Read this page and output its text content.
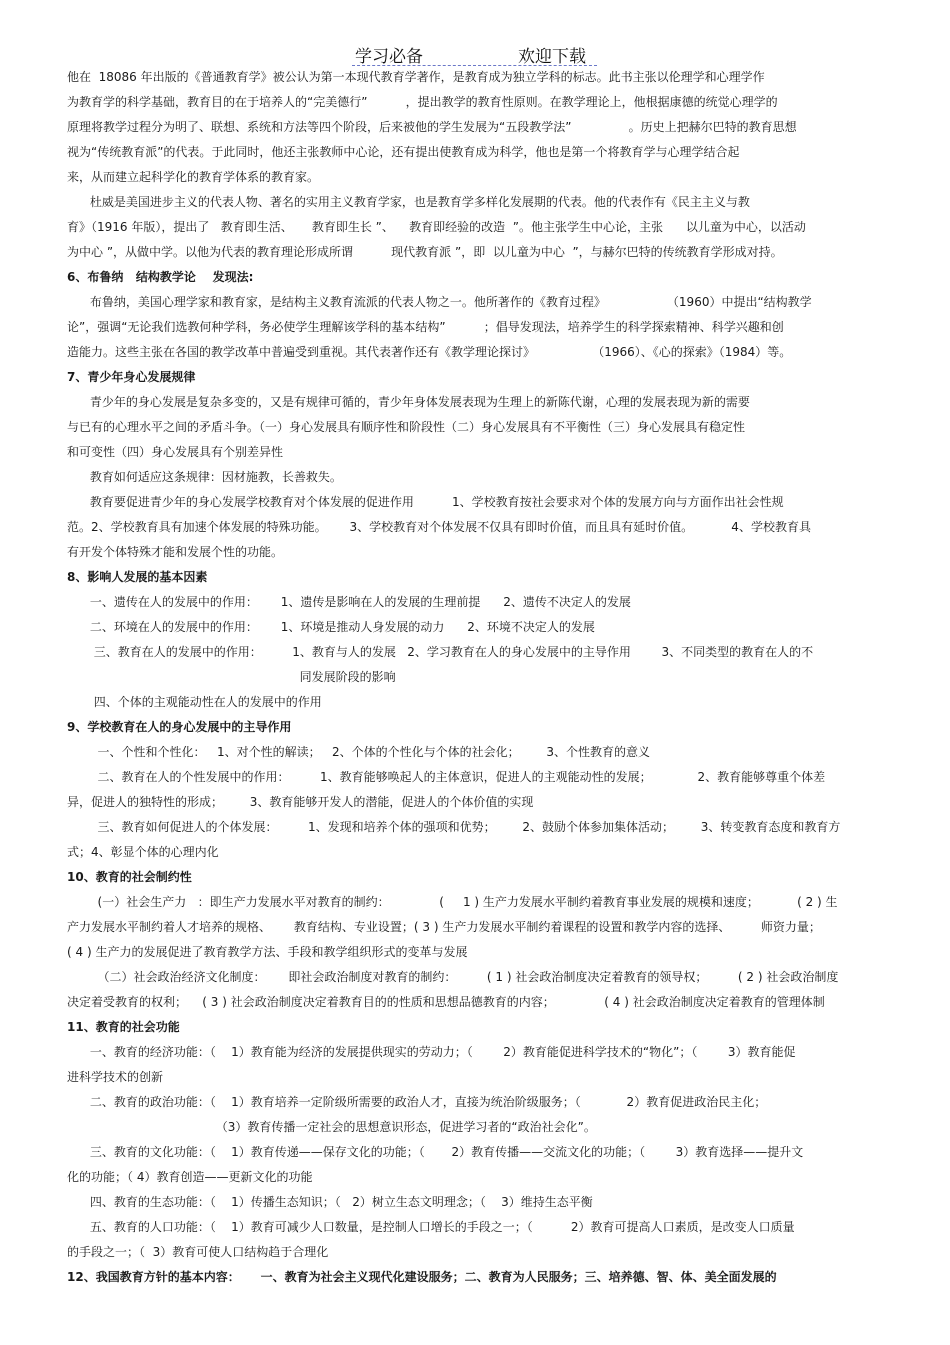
学习必备	欢迎下载
他在  18086 年出版的《普通教育学》被公认为第一本现代教育学著作，是教育成为独立学科的标志。此书主张以伦理学和心理学作
为教育学的科学基础，教育目的在于培养人的“完美德行”          ，提出教学的教育性原则。在教学理论上，他根据康德的统觉心理学的
原理将教学过程分为明了、联想、系统和方法等四个阶段，后来被他的学生发展为“五段教学法”               。历史上把赫尔巴特的教育思想
视为“传统教育派”的代表。于此同时，他还主张教师中心论，还有提出使教育成为科学，他也是第一个将教育学与心理学结合起
来，从而建立起科学化的教育学体系的教育家。
杜威是美国进步主义的代表人物、著名的实用主义教育学家，也是教育学多样化发展期的代表。他的代表作有《民主主义与教
育》（1916 年版），提出了   教育即生活、     教育即生长 ”、    教育即经验的改造  ”。他主张学生中心论，主张      以儿童为中心，以活动
为中心 ”，从做中学。以他为代表的教育理论形成所谓          现代教育派 ”，即  以儿童为中心  ”，与赫尔巴特的传统教育学形成对持。
6、布鲁纳   结构教学论    发现法:
布鲁纳，美国心理学家和教育家，是结构主义教育流派的代表人物之一。他所著作的《教育过程》                （1960）中提出“结构教学
论”，强调“无论我们选教何种学科，务必使学生理解该学科的基本结构”          ；倡导发现法，培养学生的科学探索精神、科学兴趣和创
造能力。这些主张在各国的教学改革中普遍受到重视。其代表著作还有《教学理论探讨》               （1966）、《心的探索》（1984）等。
7、青少年身心发展规律
青少年的身心发展是复杂多变的，又是有规律可循的，青少年身体发展表现为生理上的新陈代谢，心理的发展表现为新的需要
与已有的心理水平之间的矛盾斗争。（一）身心发展具有顺序性和阶段性（二）身心发展具有不平衡性（三）身心发展具有稳定性
和可变性（四）身心发展具有个别差异性
教育如何适应这条规律：因材施教，长善救失。
教育要促进青少年的身心发展学校教育对个体发展的促进作用          1、学校教育按社会要求对个体的发展方向与方面作出社会性规
范。2、学校教育具有加速个体发展的特殊功能。      3、学校教育对个体发展不仅具有即时价值，而且具有延时价值。          4、学校教育具
有开发个体特殊才能和发展个性的功能。
8、影响人发展的基本因素
一、遗传在人的发展中的作用：      1、遗传是影响在人的发展的生理前提      2、遗传不决定人的发展
二、环境在人的发展中的作用：      1、环境是推动人身发展的动力      2、环境不决定人的发展
三、教育在人的发展中的作用：        1、教育与人的发展   2、学习教育在人的身心发展中的主导作用        3、不同类型的教育在人的不
同发展阶段的影响
四、个体的主观能动性在人的发展中的作用
9、学校教育在人的身心发展中的主导作用
一、个性和个性化：   1、对个性的解读；   2、个体的个性化与个体的社会化；       3、个性教育的意义
二、教育在人的个性发展中的作用：        1、教育能够唤起人的主体意识，促进人的主观能动性的发展；            2、教育能够尊重个体差
异，促进人的独特性的形成；       3、教育能够开发人的潜能，促进人的个体价值的实现
三、教育如何促进人的个体发展：        1、发现和培养个体的强项和优势；       2、鼓励个体参加集体活动；       3、转变教育态度和教育方
式；4、彰显个体的心理内化
10、教育的社会制约性
(一）社会生产力   ：即生产力发展水平对教育的制约：             (     1 ) 生产力发展水平制约着教育事业发展的规模和速度；          ( 2 ) 生
产力发展水平制约着人才培养的规格、      教育结构、专业设置；( 3 ) 生产力发展水平制约着课程的设置和教学内容的选择、        师资力量；
( 4 ) 生产力的发展促进了教育教学方法、手段和教学组织形式的变革与发展
（二）社会政治经济文化制度：      即社会政治制度对教育的制约：        ( 1 ) 社会政治制度决定着教育的领导权；        ( 2 ) 社会政治制度
决定着受教育的权利；    ( 3 ) 社会政治制度决定着教育目的的性质和思想品德教育的内容；             ( 4 ) 社会政治制度决定着教育的管理体制
11、教育的社会功能
一、教育的经济功能：（    1）教育能为经济的发展提供现实的劳动力；（        2）教育能促进科学技术的“物化”；（        3）教育能促
进科学技术的创新
二、教育的政治功能：（    1）教育培养一定阶级所需要的政治人才，直接为统治阶级服务；（            2）教育促进政治民主化；
（3）教育传播一定社会的思想意识形态，促进学习者的“政治社会化”。
三、教育的文化功能：（    1）教育传递——保存文化的功能；（       2）教育传播——交流文化的功能；（        3）教育选择——提升文
化的功能；（ 4）教育创造——更新文化的功能
四、教育的生态功能：（    1）传播生态知识；（   2）树立生态文明理念；（    3）维持生态平衡
五、教育的人口功能：（    1）教育可减少人口数量，是控制人口增长的手段之一；（          2）教育可提高人口素质，是改变人口质量
的手段之一；（  3）教育可使人口结构趋于合理化
12、我国教育方针的基本内容：     一、教育为社会主义现代化建设服务；二、教育为人民服务；三、培养德、智、体、美全面发展的
